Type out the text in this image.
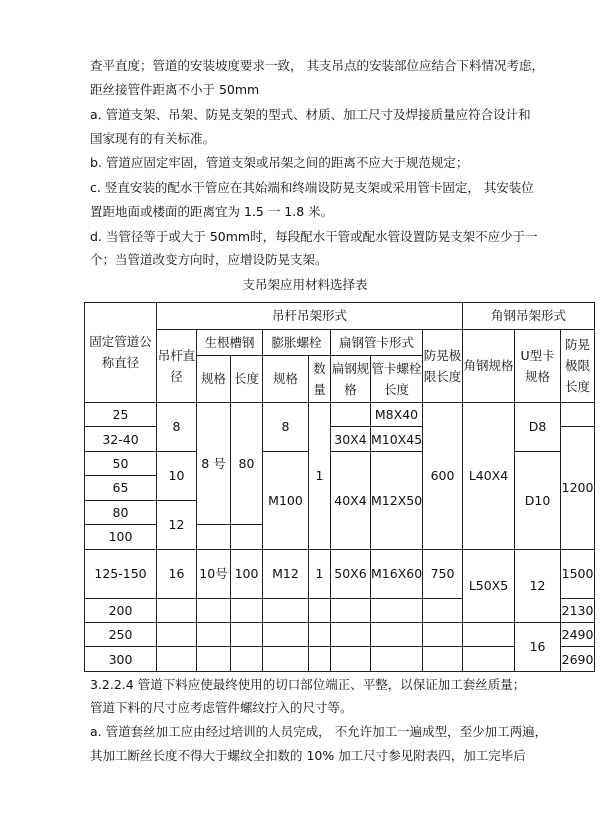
查平直度；管道的安装坡度要求一致， 其支吊点的安装部位应结合下料情况考虑，
距丝接管件距离不小于 50mm
a. 管道支架、吊架、防晃支架的型式、材质、加工尺寸及焊接质量应符合设计和
国家现有的有关标准。
b. 管道应固定牢固，管道支架或吊架之间的距离不应大于规范规定；
c. 竖直安装的配水干管应在其始端和终端设防晃支架或采用管卡固定， 其安装位
置距地面或楼面的距离宜为 1.5 一 1.8 米。
d. 当管径等于或大于 50mm时，每段配水干管或配水管设置防晃支架不应少于一
个；当管道改变方向时，应增设防晃支架。
支吊架应用材料选择表
固定管道公称直径	吊杆吊架形式								角钢吊架形式		
	吊杆直径	生根槽钢		膨胀螺栓		扁钢管卡形式		防晃极限长度	角钢规格	U型卡规格	防晃极限长度
		规格	长度	规格	数量	扁钢规格	管卡螺栓长度				
25	8	8 号	80	8	1		M8X40	600	L40X4	D8	
32-40						30X4	M10X45				1200
50	10			M100		40X4	M12X50			D10	
65											
80	12										
100											
125-150	16	10号	100	M12	1	50X6	M16X60	750	L50X5	12	1500
200											2130
250										16	2490
300											2690
3.2.2.4 管道下料应使最终使用的切口部位端正、平整，以保证加工套丝质量；
管道下料的尺寸应考虑管件螺纹拧入的尺寸等。
a. 管道套丝加工应由经过培训的人员完成， 不允许加工一遍成型，至少加工两遍，
其加工断丝长度不得大于螺纹全扣数的 10% 加工尺寸参见附表四，加工完毕后
